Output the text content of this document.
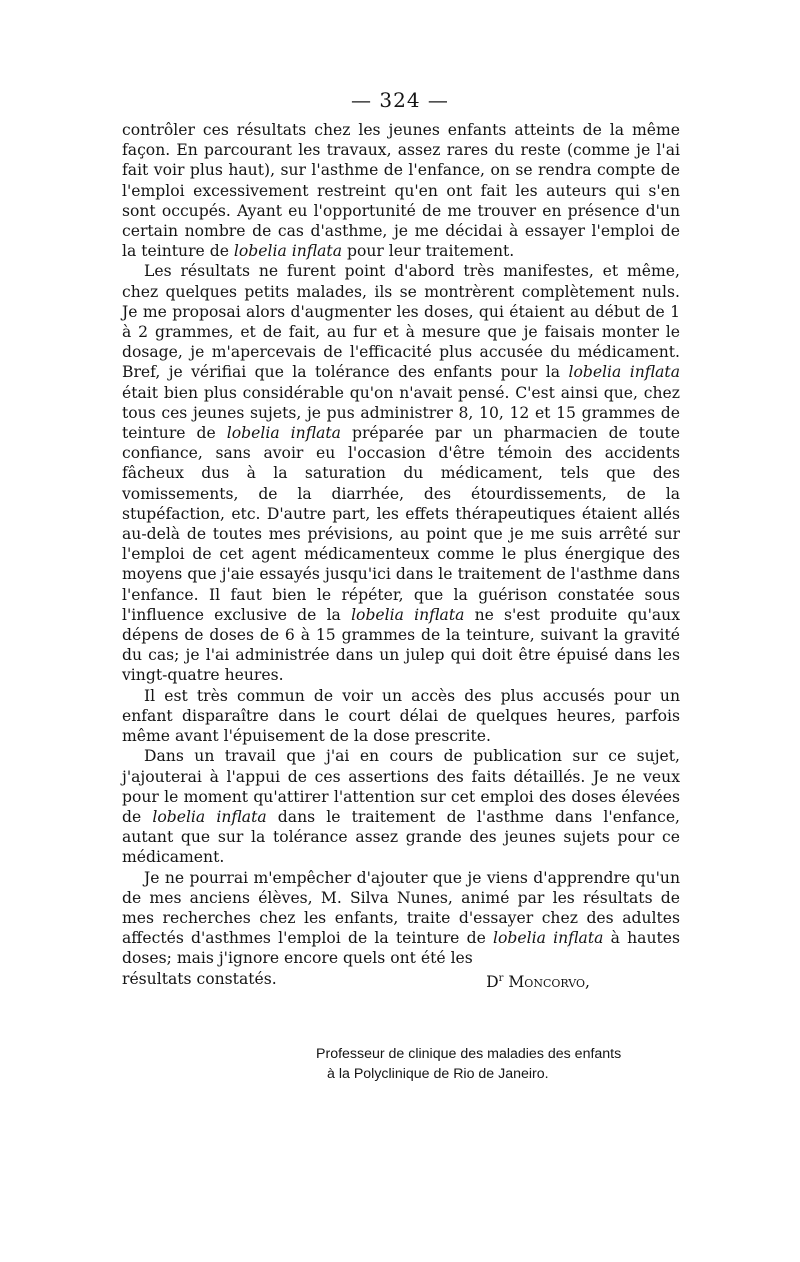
— 324 —

contrôler ces résultats chez les jeunes enfants atteints de la même façon. En parcourant les travaux, assez rares du reste (comme je l'ai fait voir plus haut), sur l'asthme de l'enfance, on se rendra compte de l'emploi excessivement restreint qu'en ont fait les auteurs qui s'en sont occupés. Ayant eu l'opportunité de me trouver en présence d'un certain nombre de cas d'asthme, je me décidai à essayer l'emploi de la teinture de lobelia inflata pour leur traitement.

Les résultats ne furent point d'abord très manifestes, et même, chez quelques petits malades, ils se montrèrent complètement nuls. Je me proposai alors d'augmenter les doses, qui étaient au début de 1 à 2 grammes, et de fait, au fur et à mesure que je faisais monter le dosage, je m'apercevais de l'efficacité plus accusée du médicament. Bref, je vérifiai que la tolérance des enfants pour la lobelia inflata était bien plus considérable qu'on n'avait pensé. C'est ainsi que, chez tous ces jeunes sujets, je pus administrer 8, 10, 12 et 15 grammes de teinture de lobelia inflata préparée par un pharmacien de toute confiance, sans avoir eu l'occasion d'être témoin des accidents fâcheux dus à la saturation du médicament, tels que des vomissements, de la diarrhée, des étourdissements, de la stupéfaction, etc. D'autre part, les effets thérapeutiques étaient allés au-delà de toutes mes prévisions, au point que je me suis arrêté sur l'emploi de cet agent médicamenteux comme le plus énergique des moyens que j'aie essayés jusqu'ici dans le traitement de l'asthme dans l'enfance. Il faut bien le répéter, que la guérison constatée sous l'influence exclusive de la lobelia inflata ne s'est produite qu'aux dépens de doses de 6 à 15 grammes de la teinture, suivant la gravité du cas; je l'ai administrée dans un julep qui doit être épuisé dans les vingt-quatre heures.

Il est très commun de voir un accès des plus accusés pour un enfant disparaître dans le court délai de quelques heures, parfois même avant l'épuisement de la dose prescrite.

Dans un travail que j'ai en cours de publication sur ce sujet, j'ajouterai à l'appui de ces assertions des faits détaillés. Je ne veux pour le moment qu'attirer l'attention sur cet emploi des doses élevées de lobelia inflata dans le traitement de l'asthme dans l'enfance, autant que sur la tolérance assez grande des jeunes sujets pour ce médicament.

Je ne pourrai m'empêcher d'ajouter que je viens d'apprendre qu'un de mes anciens élèves, M. Silva Nunes, animé par les résultats de mes recherches chez les enfants, traite d'essayer chez des adultes affectés d'asthmes l'emploi de la teinture de lobelia inflata à hautes doses; mais j'ignore encore quels ont été les

résultats constatés.	$D^r$ Moncorvo,
Professeur de clinique des maladies des enfants
à la Polyclinique de Rio de Janeiro.
